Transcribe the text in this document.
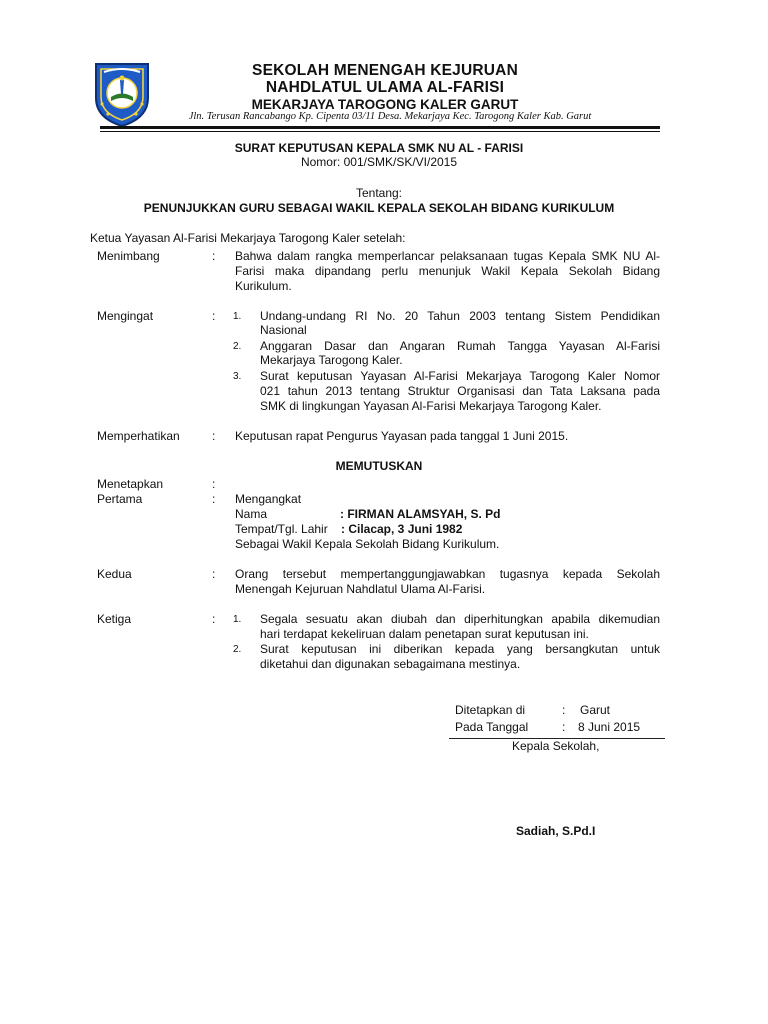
SEKOLAH MENENGAH KEJURUAN
NAHDLATUL ULAMA AL-FARISI
MEKARJAYA TAROGONG KALER GARUT
Jln. Terusan Rancabango Kp. Cipenta 03/11 Desa. Mekarjaya Kec. Tarogong Kaler Kab. Garut
SURAT KEPUTUSAN KEPALA SMK NU AL - FARISI
Nomor: 001/SMK/SK/VI/2015
Tentang:
PENUNJUKKAN GURU SEBAGAI WAKIL KEPALA SEKOLAH BIDANG KURIKULUM
Ketua Yayasan Al-Farisi Mekarjaya Tarogong Kaler setelah:
Menimbang	: Bahwa dalam rangka memperlancar pelaksanaan tugas Kepala SMK NU Al-
Farisi maka dipandang perlu menunjuk Wakil Kepala Sekolah Bidang
Kurikulum.
Mengingat	: 1. Undang-undang RI No. 20 Tahun 2003 tentang Sistem Pendidikan
Nasional
2. Anggaran Dasar dan Angaran Rumah Tangga Yayasan Al-Farisi
Mekarjaya Tarogong Kaler.
3. Surat keputusan Yayasan Al-Farisi Mekarjaya Tarogong Kaler Nomor
021 tahun 2013 tentang Struktur Organisasi dan Tata Laksana pada
SMK di lingkungan Yayasan Al-Farisi Mekarjaya Tarogong Kaler.
Memperhatikan	: Keputusan rapat Pengurus Yayasan pada tanggal 1 Juni 2015.
MEMUTUSKAN
Menetapkan	:
Pertama	: Mengangkat
Nama	: FIRMAN ALAMSYAH, S. Pd
Tempat/Tgl. Lahir : Cilacap, 3 Juni 1982
Sebagai Wakil Kepala Sekolah Bidang Kurikulum.
Kedua	: Orang tersebut mempertanggungjawabkan tugasnya kepada Sekolah
Menengah Kejuruan Nahdlatul Ulama Al-Farisi.
Ketiga	: 1. Segala sesuatu akan diubah dan diperhitungkan apabila dikemudian
hari terdapat kekeliruan dalam penetapan surat keputusan ini.
2. Surat keputusan ini diberikan kepada yang bersangkutan untuk
diketahui dan digunakan sebagaimana mestinya.
Ditetapkan di	: Garut
Pada Tanggal	: 8 Juni 2015
Kepala Sekolah,
Sadiah, S.Pd.I
